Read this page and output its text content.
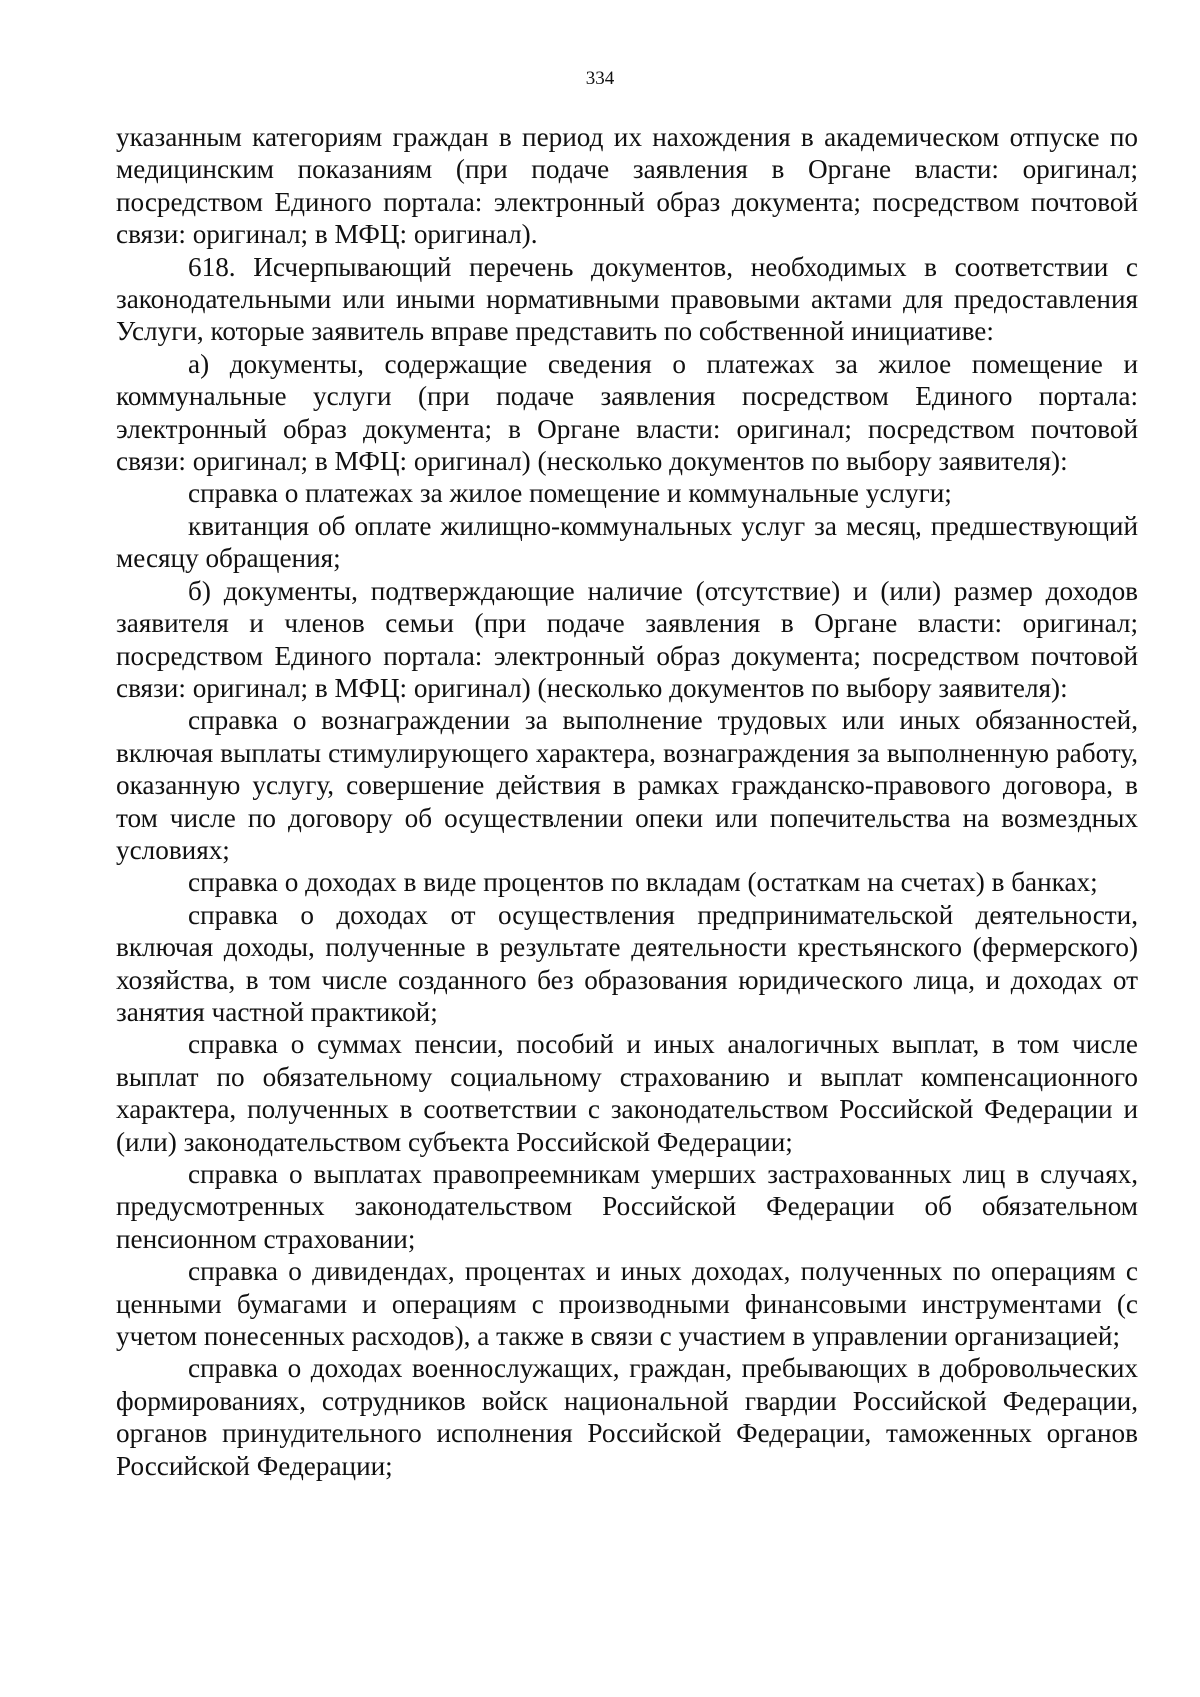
334

указанным категориям граждан в период их нахождения в академическом отпуске по медицинским показаниям (при подаче заявления в Органе власти: оригинал; посредством Единого портала: электронный образ документа; посредством почтовой связи: оригинал; в МФЦ: оригинал).

618. Исчерпывающий перечень документов, необходимых в соответствии с законодательными или иными нормативными правовыми актами для предоставления Услуги, которые заявитель вправе представить по собственной инициативе:

а) документы, содержащие сведения о платежах за жилое помещение и коммунальные услуги (при подаче заявления посредством Единого портала: электронный образ документа; в Органе власти: оригинал; посредством почтовой связи: оригинал; в МФЦ: оригинал) (несколько документов по выбору заявителя):

справка о платежах за жилое помещение и коммунальные услуги;

квитанция об оплате жилищно-коммунальных услуг за месяц, предшествующий месяцу обращения;

б) документы, подтверждающие наличие (отсутствие) и (или) размер доходов заявителя и членов семьи (при подаче заявления в Органе власти: оригинал; посредством Единого портала: электронный образ документа; посредством почтовой связи: оригинал; в МФЦ: оригинал) (несколько документов по выбору заявителя):

справка о вознаграждении за выполнение трудовых или иных обязанностей, включая выплаты стимулирующего характера, вознаграждения за выполненную работу, оказанную услугу, совершение действия в рамках гражданско-правового договора, в том числе по договору об осуществлении опеки или попечительства на возмездных условиях;

справка о доходах в виде процентов по вкладам (остаткам на счетах) в банках;

справка о доходах от осуществления предпринимательской деятельности, включая доходы, полученные в результате деятельности крестьянского (фермерского) хозяйства, в том числе созданного без образования юридического лица, и доходах от занятия частной практикой;

справка о суммах пенсии, пособий и иных аналогичных выплат, в том числе выплат по обязательному социальному страхованию и выплат компенсационного характера, полученных в соответствии с законодательством Российской Федерации и (или) законодательством субъекта Российской Федерации;

справка о выплатах правопреемникам умерших застрахованных лиц в случаях, предусмотренных законодательством Российской Федерации об обязательном пенсионном страховании;

справка о дивидендах, процентах и иных доходах, полученных по операциям с ценными бумагами и операциям с производными финансовыми инструментами (с учетом понесенных расходов), а также в связи с участием в управлении организацией;

справка о доходах военнослужащих, граждан, пребывающих в добровольческих формированиях, сотрудников войск национальной гвардии Российской Федерации, органов принудительного исполнения Российской Федерации, таможенных органов Российской Федерации;
